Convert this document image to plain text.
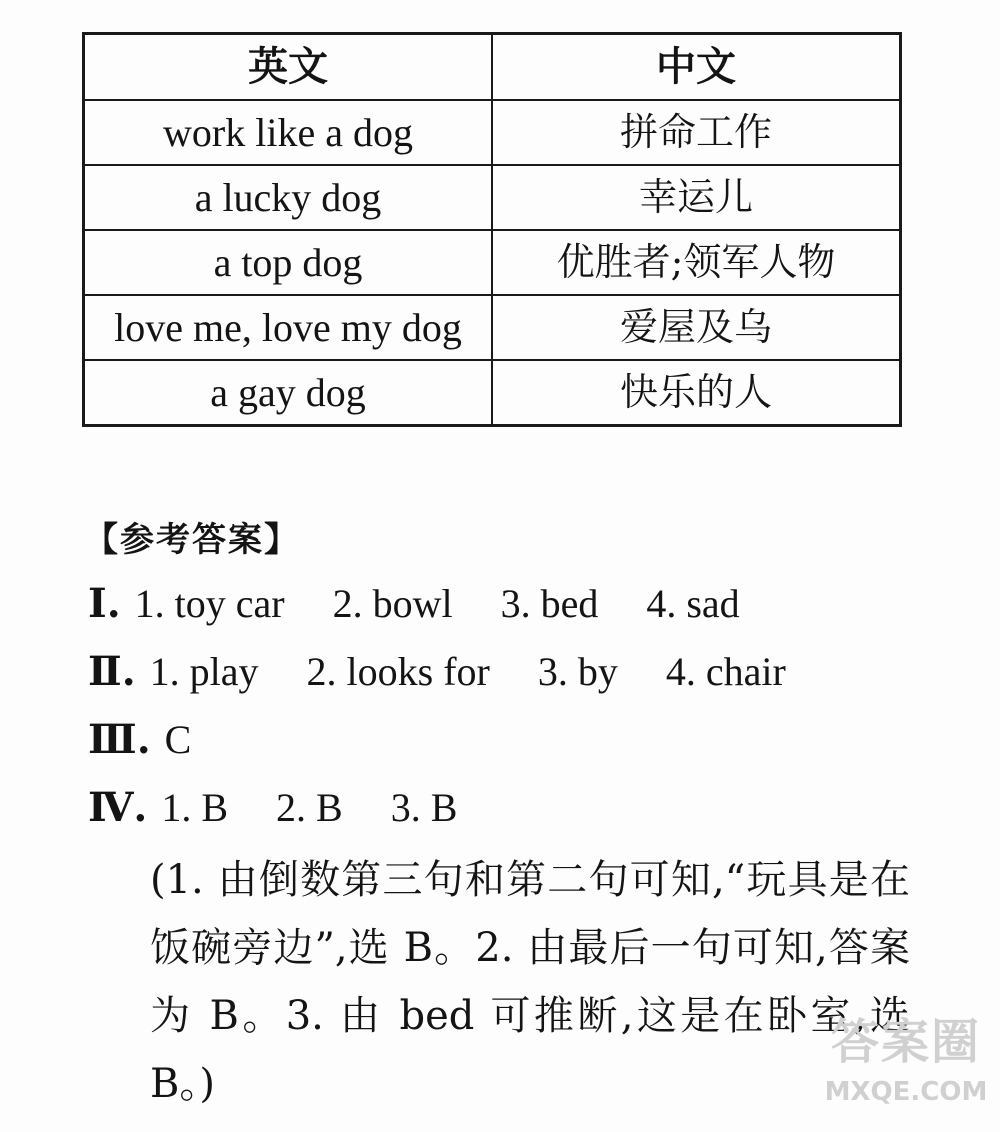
英文	中文
work like a dog	拼命工作
a lucky dog	幸运儿
a top dog	优胜者;领军人物
love me, love my dog	爱屋及乌
a gay dog	快乐的人
【参考答案】
Ⅰ. 1. toy car 2. bowl 3. bed 4. sad
Ⅱ. 1. play 2. looks for 3. by 4. chair
Ⅲ. C
Ⅳ. 1. B 2. B 3. B
(1. 由倒数第三句和第二句可知,“玩具是在饭碗旁边”,选 B。2. 由最后一句可知,答案为 B。3. 由 bed 可推断,这是在卧室,选 B。)
答案圈
MXQE.COM
